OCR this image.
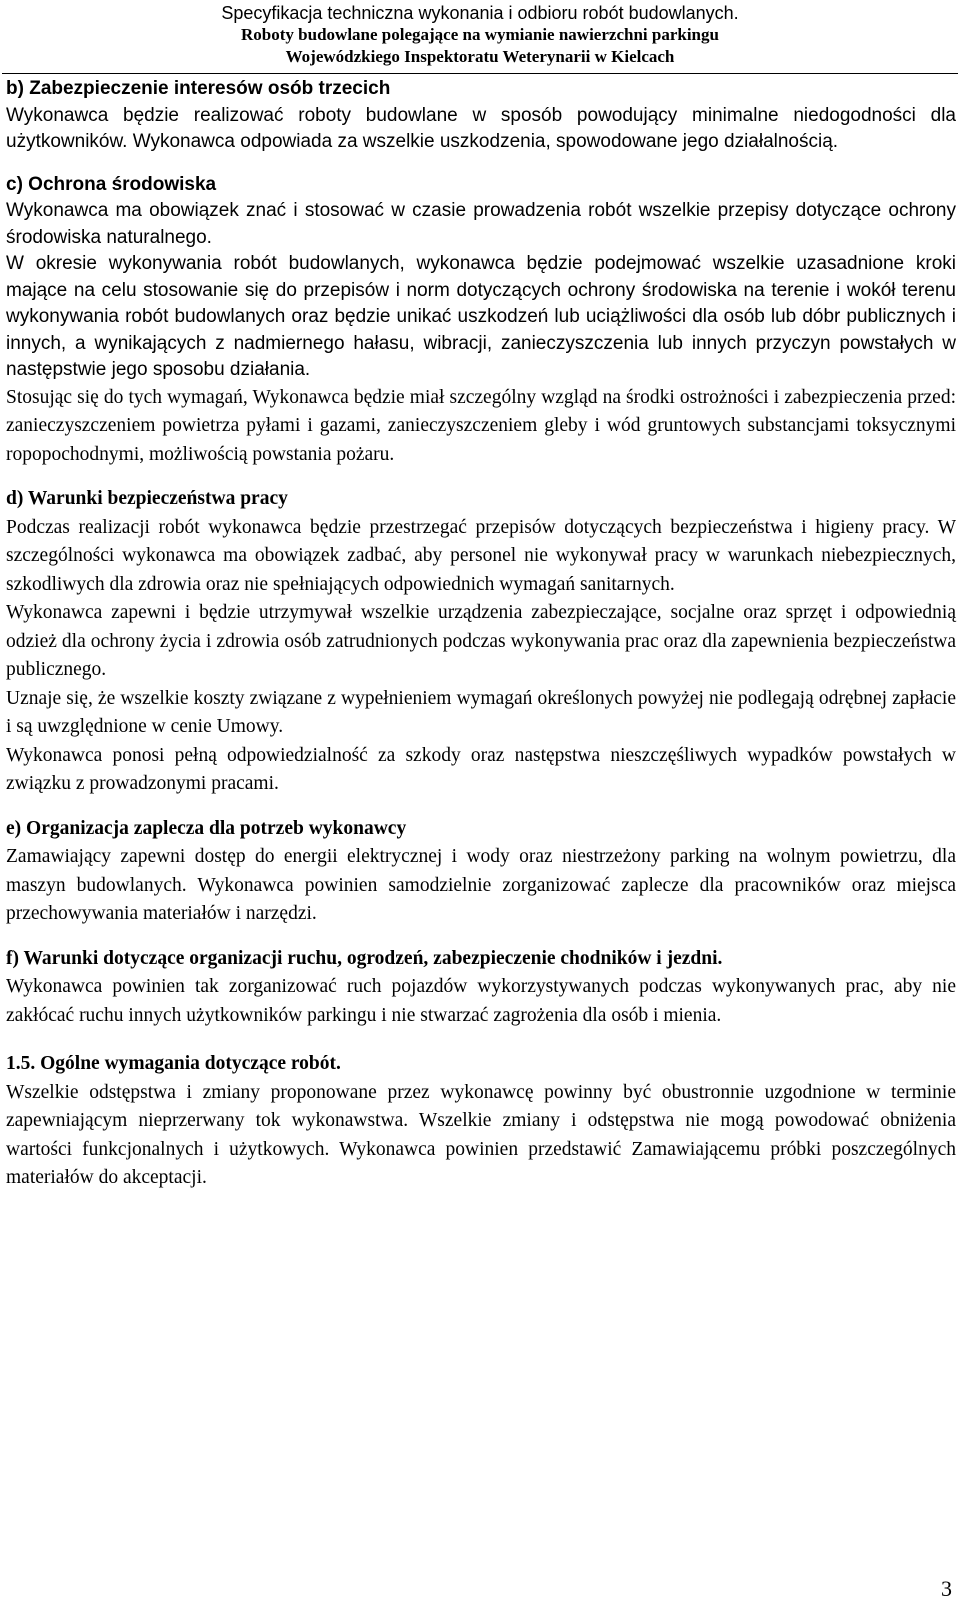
Specyfikacja techniczna wykonania i odbioru robót budowlanych.
Roboty budowlane polegające na wymianie nawierzchni parkingu
Wojewódzkiego Inspektoratu Weterynarii w Kielcach
b) Zabezpieczenie interesów osób trzecich

Wykonawca będzie realizować roboty budowlane w sposób powodujący minimalne niedogodności dla użytkowników. Wykonawca odpowiada za wszelkie uszkodzenia, spowodowane jego działalnością.

c) Ochrona środowiska

Wykonawca ma obowiązek znać i stosować w czasie prowadzenia robót wszelkie przepisy dotyczące ochrony środowiska naturalnego.

W okresie wykonywania robót budowlanych, wykonawca będzie podejmować wszelkie uzasadnione kroki mające na celu stosowanie się do przepisów i norm dotyczących ochrony środowiska na terenie i wokół terenu wykonywania robót budowlanych oraz będzie unikać uszkodzeń lub uciążliwości dla osób lub dóbr publicznych i innych, a wynikających z nadmiernego hałasu, wibracji, zanieczyszczenia lub innych przyczyn powstałych w następstwie jego sposobu działania.

Stosując się do tych wymagań, Wykonawca będzie miał szczególny wzgląd na środki ostrożności i zabezpieczenia przed: zanieczyszczeniem powietrza pyłami i gazami, zanieczyszczeniem gleby i wód gruntowych substancjami toksycznymi ropopochodnymi, możliwością powstania pożaru.

d) Warunki bezpieczeństwa pracy

Podczas realizacji robót wykonawca będzie przestrzegać przepisów dotyczących bezpieczeństwa i higieny pracy. W szczególności wykonawca ma obowiązek zadbać, aby personel nie wykonywał pracy w warunkach niebezpiecznych, szkodliwych dla zdrowia oraz nie spełniających odpowiednich wymagań sanitarnych.

Wykonawca zapewni i będzie utrzymywał wszelkie urządzenia zabezpieczające, socjalne oraz sprzęt i odpowiednią odzież dla ochrony życia i zdrowia osób zatrudnionych podczas wykonywania prac oraz dla zapewnienia bezpieczeństwa publicznego.

Uznaje się, że wszelkie koszty związane z wypełnieniem wymagań określonych powyżej nie podlegają odrębnej zapłacie i są uwzględnione w cenie Umowy.

Wykonawca ponosi pełną odpowiedzialność za szkody oraz następstwa nieszczęśliwych wypadków powstałych w związku z prowadzonymi pracami.

e) Organizacja zaplecza dla potrzeb wykonawcy

Zamawiający zapewni dostęp do energii elektrycznej i wody oraz niestrzeżony parking na wolnym powietrzu, dla maszyn budowlanych. Wykonawca powinien samodzielnie zorganizować zaplecze dla pracowników oraz miejsca przechowywania materiałów i narzędzi.

f) Warunki dotyczące organizacji ruchu, ogrodzeń, zabezpieczenie chodników i jezdni.

Wykonawca powinien tak zorganizować ruch pojazdów wykorzystywanych podczas wykonywanych prac, aby nie zakłócać ruchu innych użytkowników parkingu i nie stwarzać zagrożenia dla osób i mienia.

1.5. Ogólne wymagania dotyczące robót.

Wszelkie odstępstwa i zmiany proponowane przez wykonawcę powinny być obustronnie uzgodnione w terminie zapewniającym nieprzerwany tok wykonawstwa. Wszelkie zmiany i odstępstwa nie mogą powodować obniżenia wartości funkcjonalnych i użytkowych. Wykonawca powinien przedstawić Zamawiającemu próbki poszczególnych materiałów do akceptacji.

3
